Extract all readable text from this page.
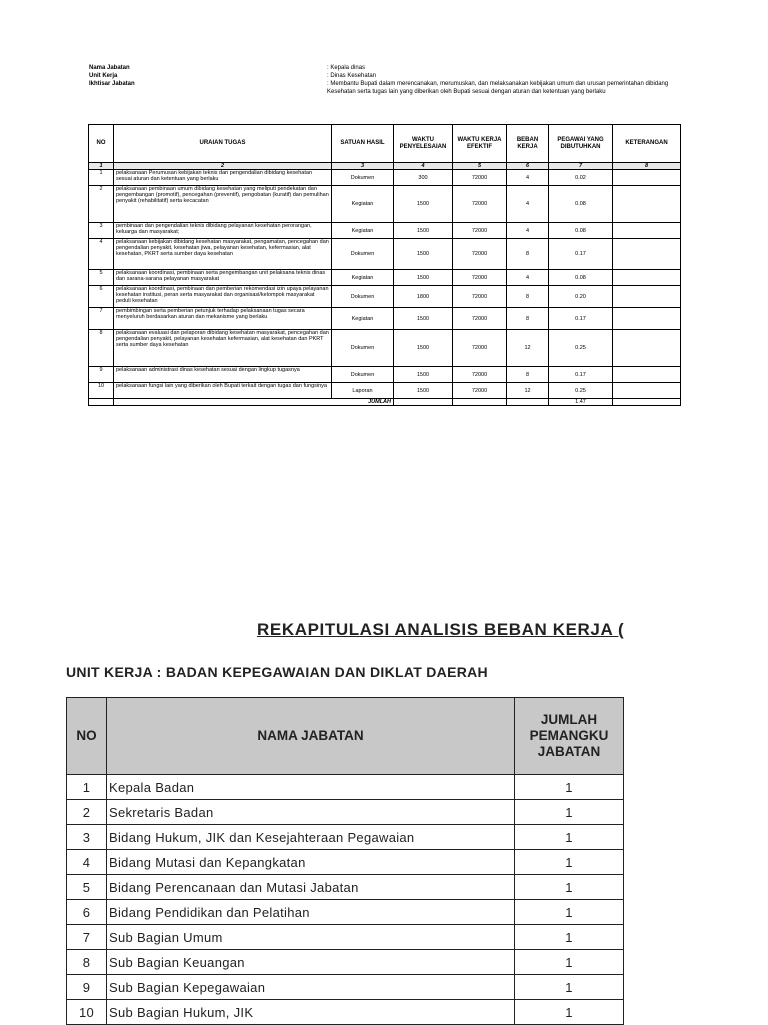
Nama Jabatan	: Kepala dinas
Unit Kerja	: Dinas Kesehatan
Ikhtisar Jabatan	: Membantu Bupati dalam merencanakan, merumuskan, dan melaksanakan kebijakan umum dan urusan pemerintahan dibidang Kesehatan serta tugas lain yang diberikan oleh Bupati sesuai dengan aturan dan ketentuan yang berlaku
NO	URAIAN TUGAS	SATUAN HASIL	WAKTU PENYELESAIAN	WAKTU KERJA EFEKTIF	BEBAN KERJA	PEGAWAI YANG DIBUTUHKAN	KETERANGAN
1	2	3	4	5	6	7	8
1	pelaksanaan Perumusan kebijakan teknis dan pengendalian dibidang kesehatan sesuai aturan dan ketentuan yang berlaku	Dokumen	300	72000	4	0.02	
2	pelaksanaan pembinaan umum dibidang kesehatan yang meliputi pendekatan dan pengembangan (promotif), pencegahan (preventif), pengobatan (kuratif) dan pemulihan penyakit (rehabilitatif) serta kecacatan	Kegiatan	1500	72000	4	0.08	
3	pembinaan dan pengendalian teknis dibidang pelayanan kesehatan perorangan, keluarga dan masyarakat;	Kegiatan	1500	72000	4	0.08	
4	pelaksanaan kebijakan dibidang kesehatan masyarakat, pengamatan, pencegahan dan pengendalian penyakit, kesehatan jiwa, pelayanan kesehatan, kefermasian, alat kesehatan, PKRT serta sumber daya kesehatan	Dokumen	1500	72000	8	0.17	
5	pelaksanaan koordinasi, pembinaan serta pengembangan unit pelaksana teknis dinas dan sarana-sarana pelayanan masyarakat	Kegiatan	1500	72000	4	0.08	
6	pelaksanaan koordinasi, pembinaan dan pemberian rekomendasi izin upaya pelayanan kesehatan institusi, peran serta masyarakat dan organisasi/kelompok masyarakat peduli kesehatan	Dokumen	1800	72000	8	0.20	
7	pembimbingan serta pemberian petunjuk terhadap pelaksanaan tugas secara menyeluruh berdasarkan aturan dan mekanisme yang berlaku	Kegiatan	1500	72000	8	0.17	
8	pelaksanaan evaluasi dan pelaporan dibidang kesehatan masyarakat, pencegahan dan pengendalian penyakit, pelayanan kesehatan kefermasian, alat kesehatan dan PKRT serta sumber daya kesehatan	Dokumen	1500	72000	12	0.25	
9	pelaksanaan administrasi dinas kesehatan sesuai dengan lingkup tugasnya	Dokumen	1500	72000	8	0.17	
10	pelaksanaan fungsi lain yang diberikan oleh Bupati terkait dengan tugas dan fungsinya	Laporan	1500	72000	12	0.25	
	JUMLAH					1.47	
REKAPITULASI ANALISIS BEBAN KERJA (
UNIT KERJA : BADAN KEPEGAWAIAN DAN DIKLAT DAERAH
NO	NAMA JABATAN	JUMLAH PEMANGKU JABATAN
1	Kepala Badan	1
2	Sekretaris Badan	1
3	Bidang Hukum, JIK dan Kesejahteraan Pegawaian	1
4	Bidang Mutasi dan Kepangkatan	1
5	Bidang Perencanaan dan Mutasi Jabatan	1
6	Bidang Pendidikan dan Pelatihan	1
7	Sub Bagian Umum	1
8	Sub Bagian Keuangan	1
9	Sub Bagian Kepegawaian	1
10	Sub Bagian Hukum, JIK	1
